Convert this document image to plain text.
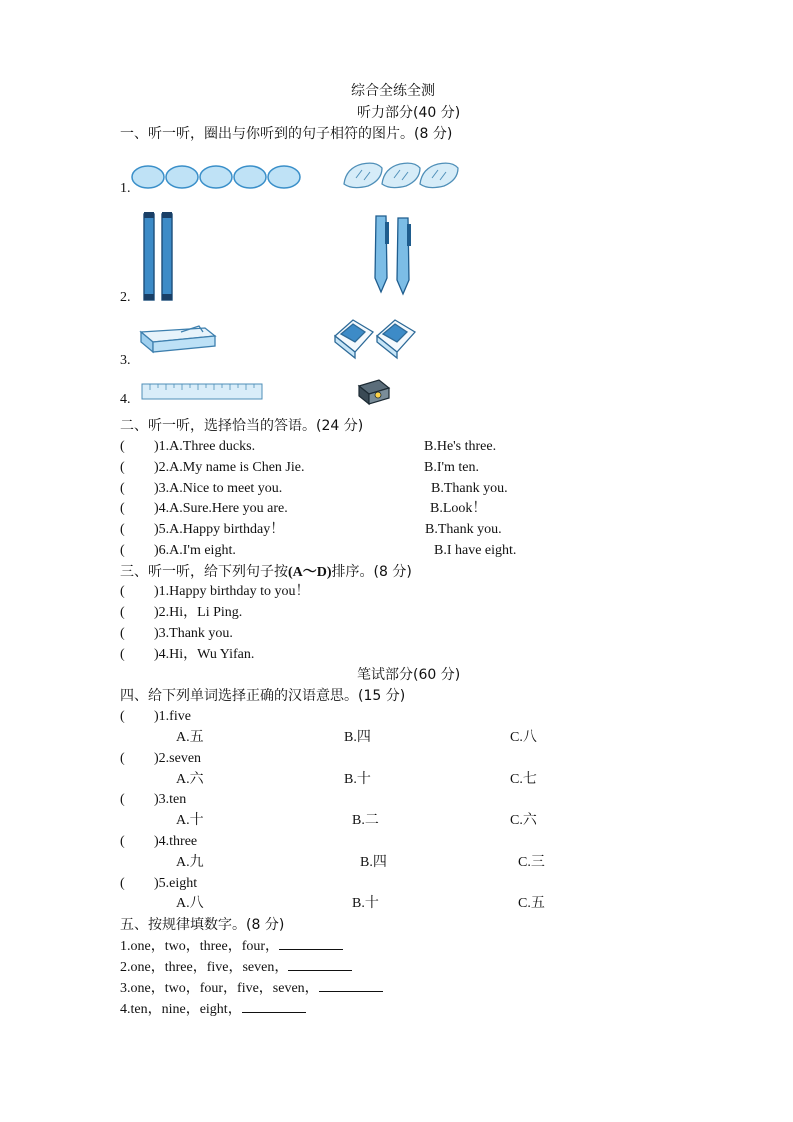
综合全练全测
听力部分(40 分)
一、听一听，圈出与你听到的句子相符的图片。(8 分)
1.
2.
3.
4.
二、听一听，选择恰当的答语。(24 分)
( )1.A.Three ducks.	B.He's three.
( )2.A.My name is Chen Jie.	B.I'm ten.
( )3.A.Nice to meet you.	B.Thank you.
( )4.A.Sure.Here you are.	B.Look！
( )5.A.Happy birthday！	B.Thank you.
( )6.A.I'm eight.	B.I have eight.
三、听一听，给下列句子按(A～D)排序。(8 分)
( )1.Happy birthday to you！
( )2.Hi，Li Ping.
( )3.Thank you.
( )4.Hi，Wu Yifan.
笔试部分(60 分)
四、给下列单词选择正确的汉语意思。(15 分)
( )1.five
A.五	B.四	C.八
( )2.seven
A.六	B.十	C.七
( )3.ten
A.十	B.二	C.六
( )4.three
A.九	B.四	C.三
( )5.eight
A.八	B.十	C.五
五、按规律填数字。(8 分)
1.one，two，three，four，
2.one，three，five，seven，
3.one，two，four，five，seven，
4.ten，nine，eight，
